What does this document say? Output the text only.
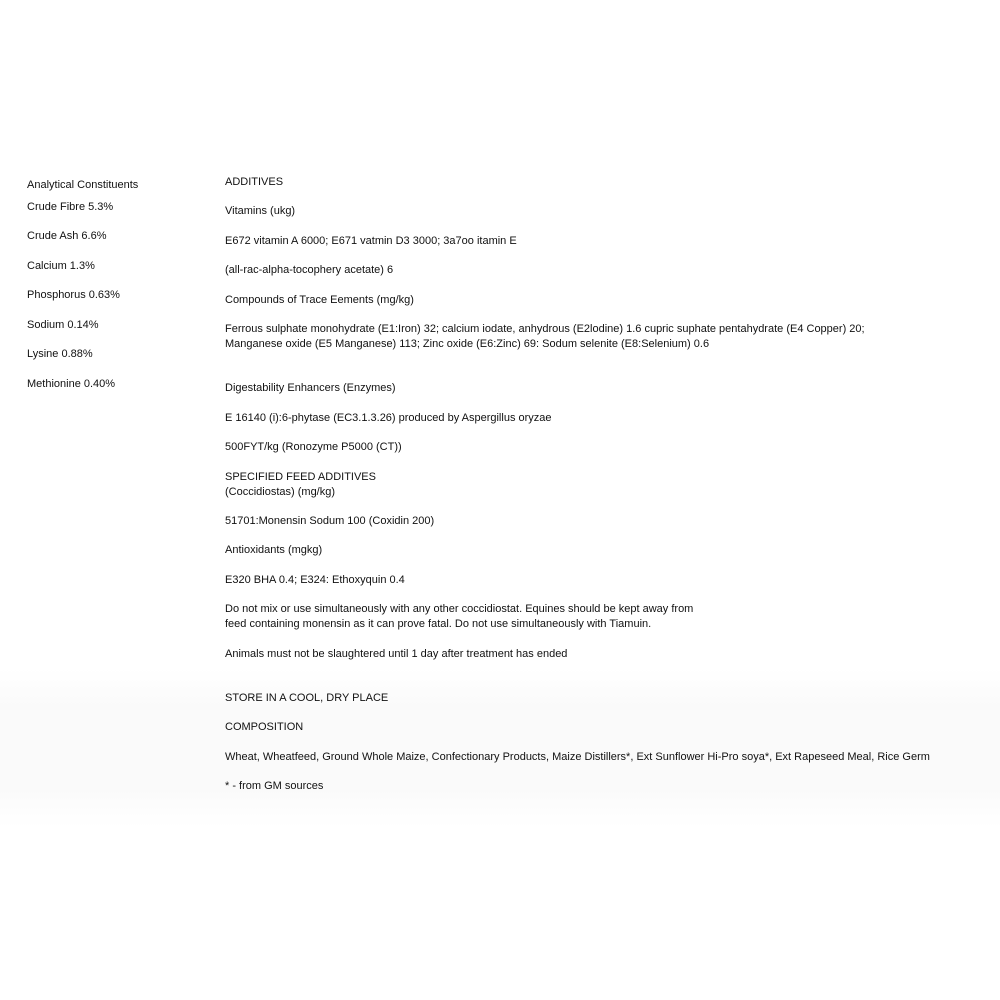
Analytical Constituents
Crude Fibre 5.3%
Crude Ash 6.6%
Calcium 1.3%
Phosphorus 0.63%
Sodium 0.14%
Lysine 0.88%
Methionine 0.40%
ADDITIVES
Vitamins (ukg)
E672 vitamin A 6000; E671 vatmin D3 3000; 3a7oo itamin E
(all-rac-alpha-tocophery acetate) 6
Compounds of Trace Eements (mg/kg)
Ferrous sulphate monohydrate (E1:Iron) 32; calcium iodate, anhydrous (E2lodine) 1.6 cupric suphate pentahydrate (E4 Copper) 20;
Manganese oxide (E5 Manganese) 113; Zinc oxide (E6:Zinc) 69: Sodum selenite (E8:Selenium) 0.6
Digestability Enhancers (Enzymes)
E 16140 (i):6-phytase (EC3.1.3.26) produced by Aspergillus oryzae
500FYT/kg (Ronozyme P5000 (CT))
SPECIFIED FEED ADDITIVES
(Coccidiostas) (mg/kg)
51701:Monensin Sodum 100 (Coxidin 200)
Antioxidants (mgkg)
E320 BHA 0.4; E324: Ethoxyquin 0.4
Do not mix or use simultaneously with any other coccidiostat. Equines should be kept away from
feed containing monensin as it can prove fatal. Do not use simultaneously with Tiamuin.
Animals must not be slaughtered until 1 day after treatment has ended
STORE IN A COOL, DRY PLACE
COMPOSITION
Wheat, Wheatfeed, Ground Whole Maize, Confectionary Products, Maize Distillers*, Ext Sunflower Hi-Pro soya*, Ext Rapeseed Meal, Rice Germ
* - from GM sources
